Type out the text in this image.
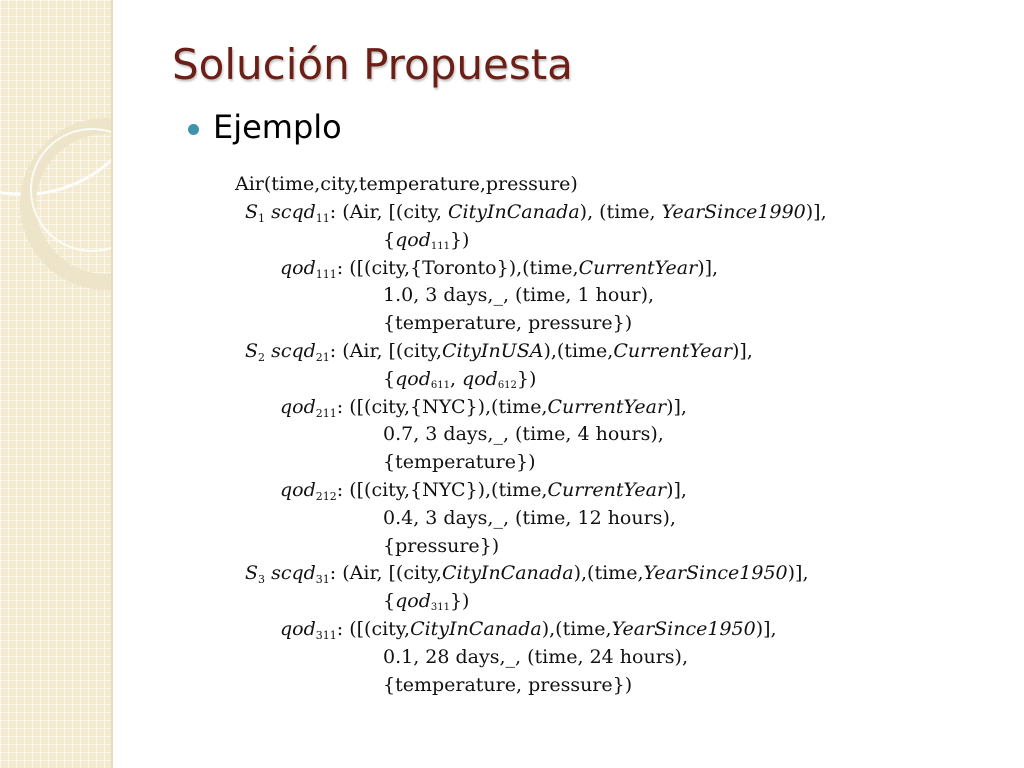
Solución Propuesta
Ejemplo
Air(time,city,temperature,pressure)
$S_1$ scqd$_{11}$: (Air, [(city, CityInCanada), (time, YearSince1990)],
{qod111})
qod$_{111}$: ([(city,{Toronto}),(time,CurrentYear)],
1.0, 3 days,_, (time, 1 hour),
{temperature, pressure})
$S_2$ scqd$_{21}$: (Air, [(city,CityInUSA),(time,CurrentYear)],
{qod611, qod612})
qod$_{211}$: ([(city,{NYC}),(time,CurrentYear)],
0.7, 3 days,_, (time, 4 hours),
{temperature})
qod$_{212}$: ([(city,{NYC}),(time,CurrentYear)],
0.4, 3 days,_, (time, 12 hours),
{pressure})
$S_3$ scqd$_{31}$: (Air, [(city,CityInCanada),(time,YearSince1950)],
{qod311})
qod$_{311}$: ([(city,CityInCanada),(time,YearSince1950)],
0.1, 28 days,_, (time, 24 hours),
{temperature, pressure})
